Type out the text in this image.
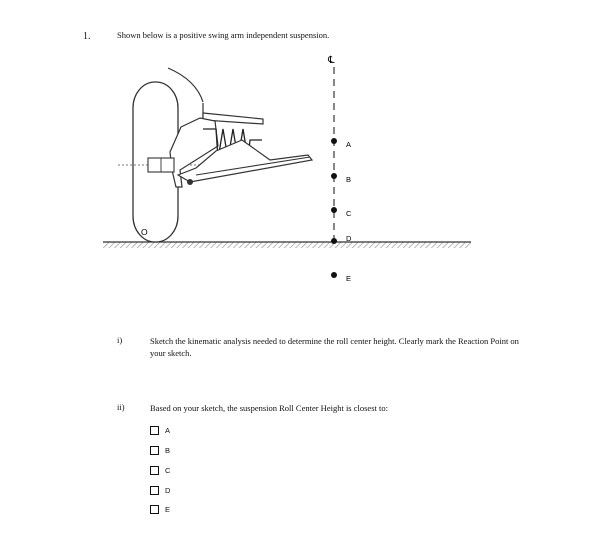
1.	Shown below is a positive swing arm independent suspension.
℄
O
A
B
C
D
E
i)	Sketch the kinematic analysis needed to determine the roll center height. Clearly mark the Reaction Point on your sketch.
ii)	Based on your sketch, the suspension Roll Center Height is closest to:
A
B
C
D
E
